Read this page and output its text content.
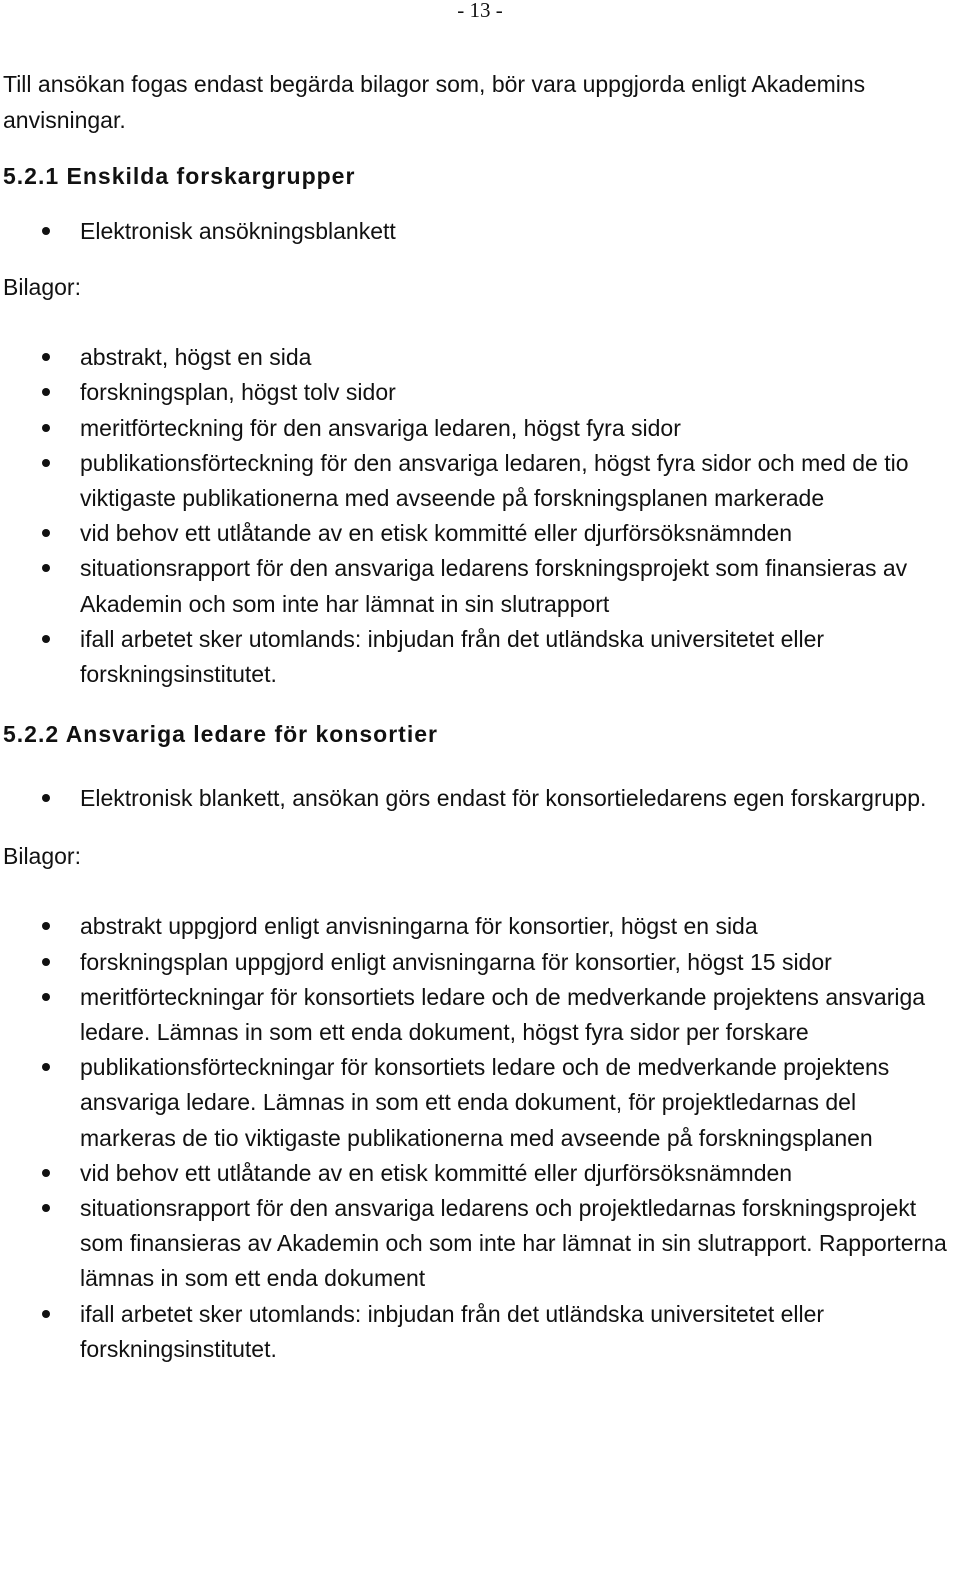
- 13 -

Till ansökan fogas endast begärda bilagor som, bör vara uppgjorda enligt Akademins anvisningar.

5.2.1 Enskilda forskargrupper
Elektronisk ansökningsblankett

Bilagor:

abstrakt, högst en sida
forskningsplan, högst tolv sidor
meritförteckning för den ansvariga ledaren, högst fyra sidor
publikationsförteckning för den ansvariga ledaren, högst fyra sidor och med de tio viktigaste publikationerna med avseende på forskningsplanen markerade
vid behov ett utlåtande av en etisk kommitté eller djurförsöksnämnden
situationsrapport för den ansvariga ledarens forskningsprojekt som finansieras av Akademin och som inte har lämnat in sin slutrapport
ifall arbetet sker utomlands: inbjudan från det utländska universitetet eller forskningsinstitutet.
5.2.2 Ansvariga ledare för konsortier
Elektronisk blankett, ansökan görs endast för konsortieledarens egen forskargrupp.

Bilagor:

abstrakt uppgjord enligt anvisningarna för konsortier, högst en sida
forskningsplan uppgjord enligt anvisningarna för konsortier, högst 15 sidor
meritförteckningar för konsortiets ledare och de medverkande projektens ansvariga ledare. Lämnas in som ett enda dokument, högst fyra sidor per forskare
publikationsförteckningar för konsortiets ledare och de medverkande projektens ansvariga ledare. Lämnas in som ett enda dokument, för projektledarnas del markeras de tio viktigaste publikationerna med avseende på forskningsplanen
vid behov ett utlåtande av en etisk kommitté eller djurförsöksnämnden
situationsrapport för den ansvariga ledarens och projektledarnas forskningsprojekt som finansieras av Akademin och som inte har lämnat in sin slutrapport. Rapporterna lämnas in som ett enda dokument
ifall arbetet sker utomlands: inbjudan från det utländska universitetet eller forskningsinstitutet.
